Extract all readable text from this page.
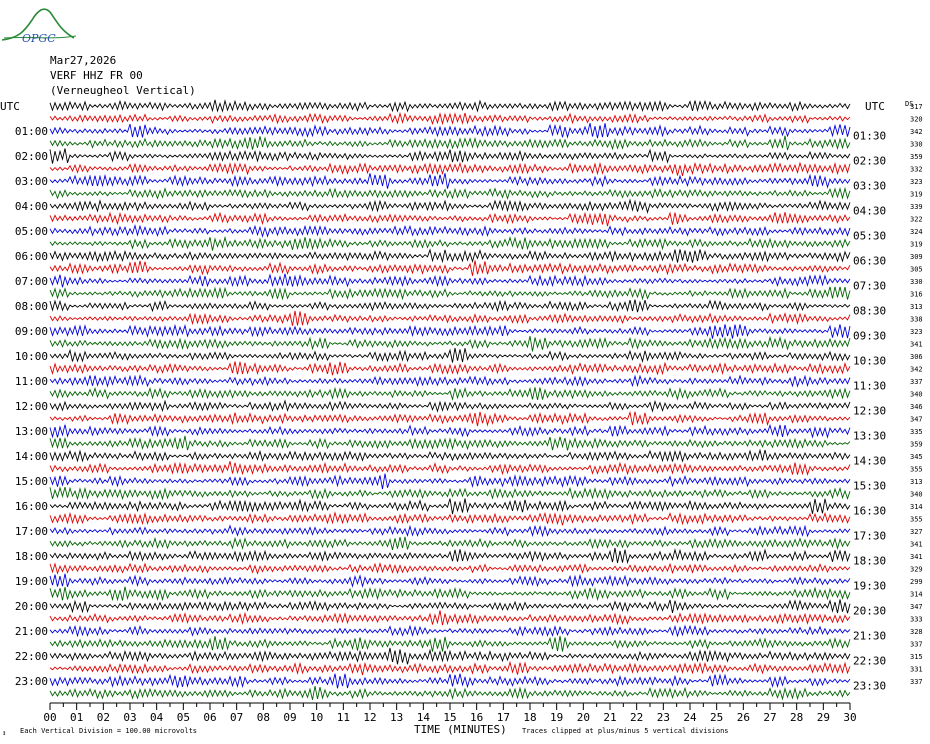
OPGC
Mar27,2026
VERF HHZ FR 00
(Verneugheol Vertical)
00 01 02 03 04 05 06 07 08 09 10 11 12 13 14 15 16 17 18 19 20 21 22 23 24 25 26 27 28 29 30
01:00
02:00
03:00
04:00
05:00
06:00
07:00
08:00
09:00
10:00
11:00
12:00
13:00
14:00
15:00
16:00
17:00
18:00
19:00
20:00
21:00
22:00
23:00
01:30
02:30
03:30
04:30
05:30
06:30
07:30
08:30
09:30
10:30
11:30
12:30
13:30
14:30
15:30
16:30
17:30
18:30
19:30
20:30
21:30
22:30
23:30
317
320
342
330
359
332
323
319
339
322
324
319
309
305
330
316
313
338
323
341
306
342
337
340
346
347
335
359
345
355
313
340
314
355
327
341
341
329
299
314
347
333
328
337
315
331
337
UTC	UTC	DS
TIME (MINUTES)
Each Vertical Division = 100.00 microvolts	Traces clipped at plus/minus 5 vertical divisions
↕
